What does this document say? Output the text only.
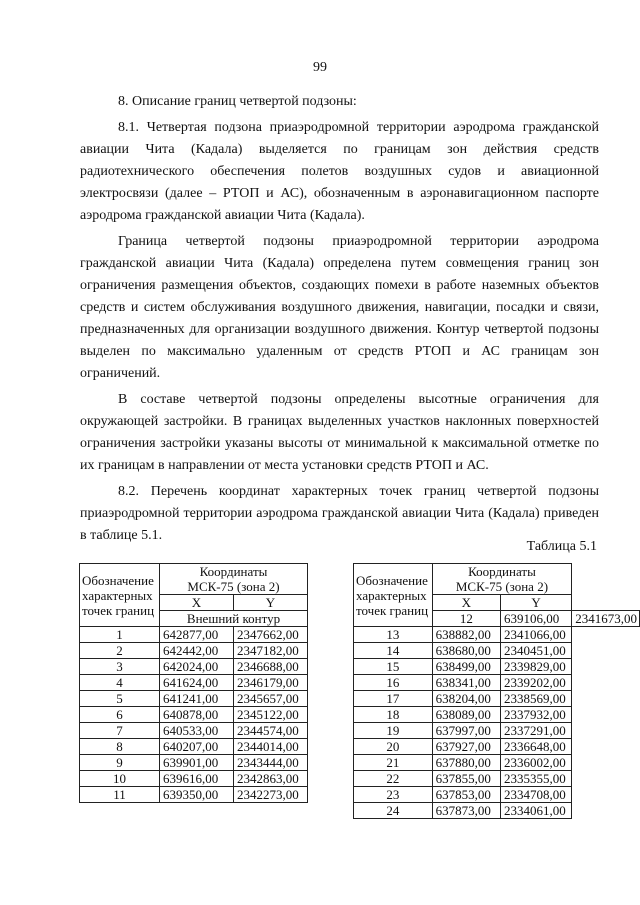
99

8. Описание границ четвертой подзоны:

8.1. Четвертая подзона приаэродромной территории аэродрома гражданской авиации Чита (Кадала) выделяется по границам зон действия средств радиотехнического обеспечения полетов воздушных судов и авиационной электросвязи (далее – РТОП и АС), обозначенным в аэронавигационном паспорте аэродрома гражданской авиации Чита (Кадала).

Граница четвертой подзоны приаэродромной территории аэродрома гражданской авиации Чита (Кадала) определена путем совмещения границ зон ограничения размещения объектов, создающих помехи в работе наземных объектов средств и систем обслуживания воздушного движения, навигации, посадки и связи, предназначенных для организации воздушного движения. Контур четвертой подзоны выделен по максимально удаленным от средств РТОП и АС границам зон ограничений.

В составе четвертой подзоны определены высотные ограничения для окружающей застройки. В границах выделенных участков наклонных поверхностей ограничения застройки указаны высоты от минимальной к максимальной отметке по их границам в направлении от места установки средств РТОП и АС.

8.2. Перечень координат характерных точек границ четвертой подзоны приаэродромной территории аэродрома гражданской авиации Чита (Кадала) приведен в таблице 5.1.

Таблица 5.1
Обозначение
характерных
точек границ	Координаты
МСК-75 (зона 2)	
	X	Y
	Внешний контур	
1	642877,00	2347662,00
2	642442,00	2347182,00
3	642024,00	2346688,00
4	641624,00	2346179,00
5	641241,00	2345657,00
6	640878,00	2345122,00
7	640533,00	2344574,00
8	640207,00	2344014,00
9	639901,00	2343444,00
10	639616,00	2342863,00
11	639350,00	2342273,00
Обозначение
характерных
точек границ	Координаты
МСК-75 (зона 2)		
	X	Y	
	12	639106,00	2341673,00
13	638882,00	2341066,00	
14	638680,00	2340451,00	
15	638499,00	2339829,00	
16	638341,00	2339202,00	
17	638204,00	2338569,00	
18	638089,00	2337932,00	
19	637997,00	2337291,00	
20	637927,00	2336648,00	
21	637880,00	2336002,00	
22	637855,00	2335355,00	
23	637853,00	2334708,00	
24	637873,00	2334061,00	
